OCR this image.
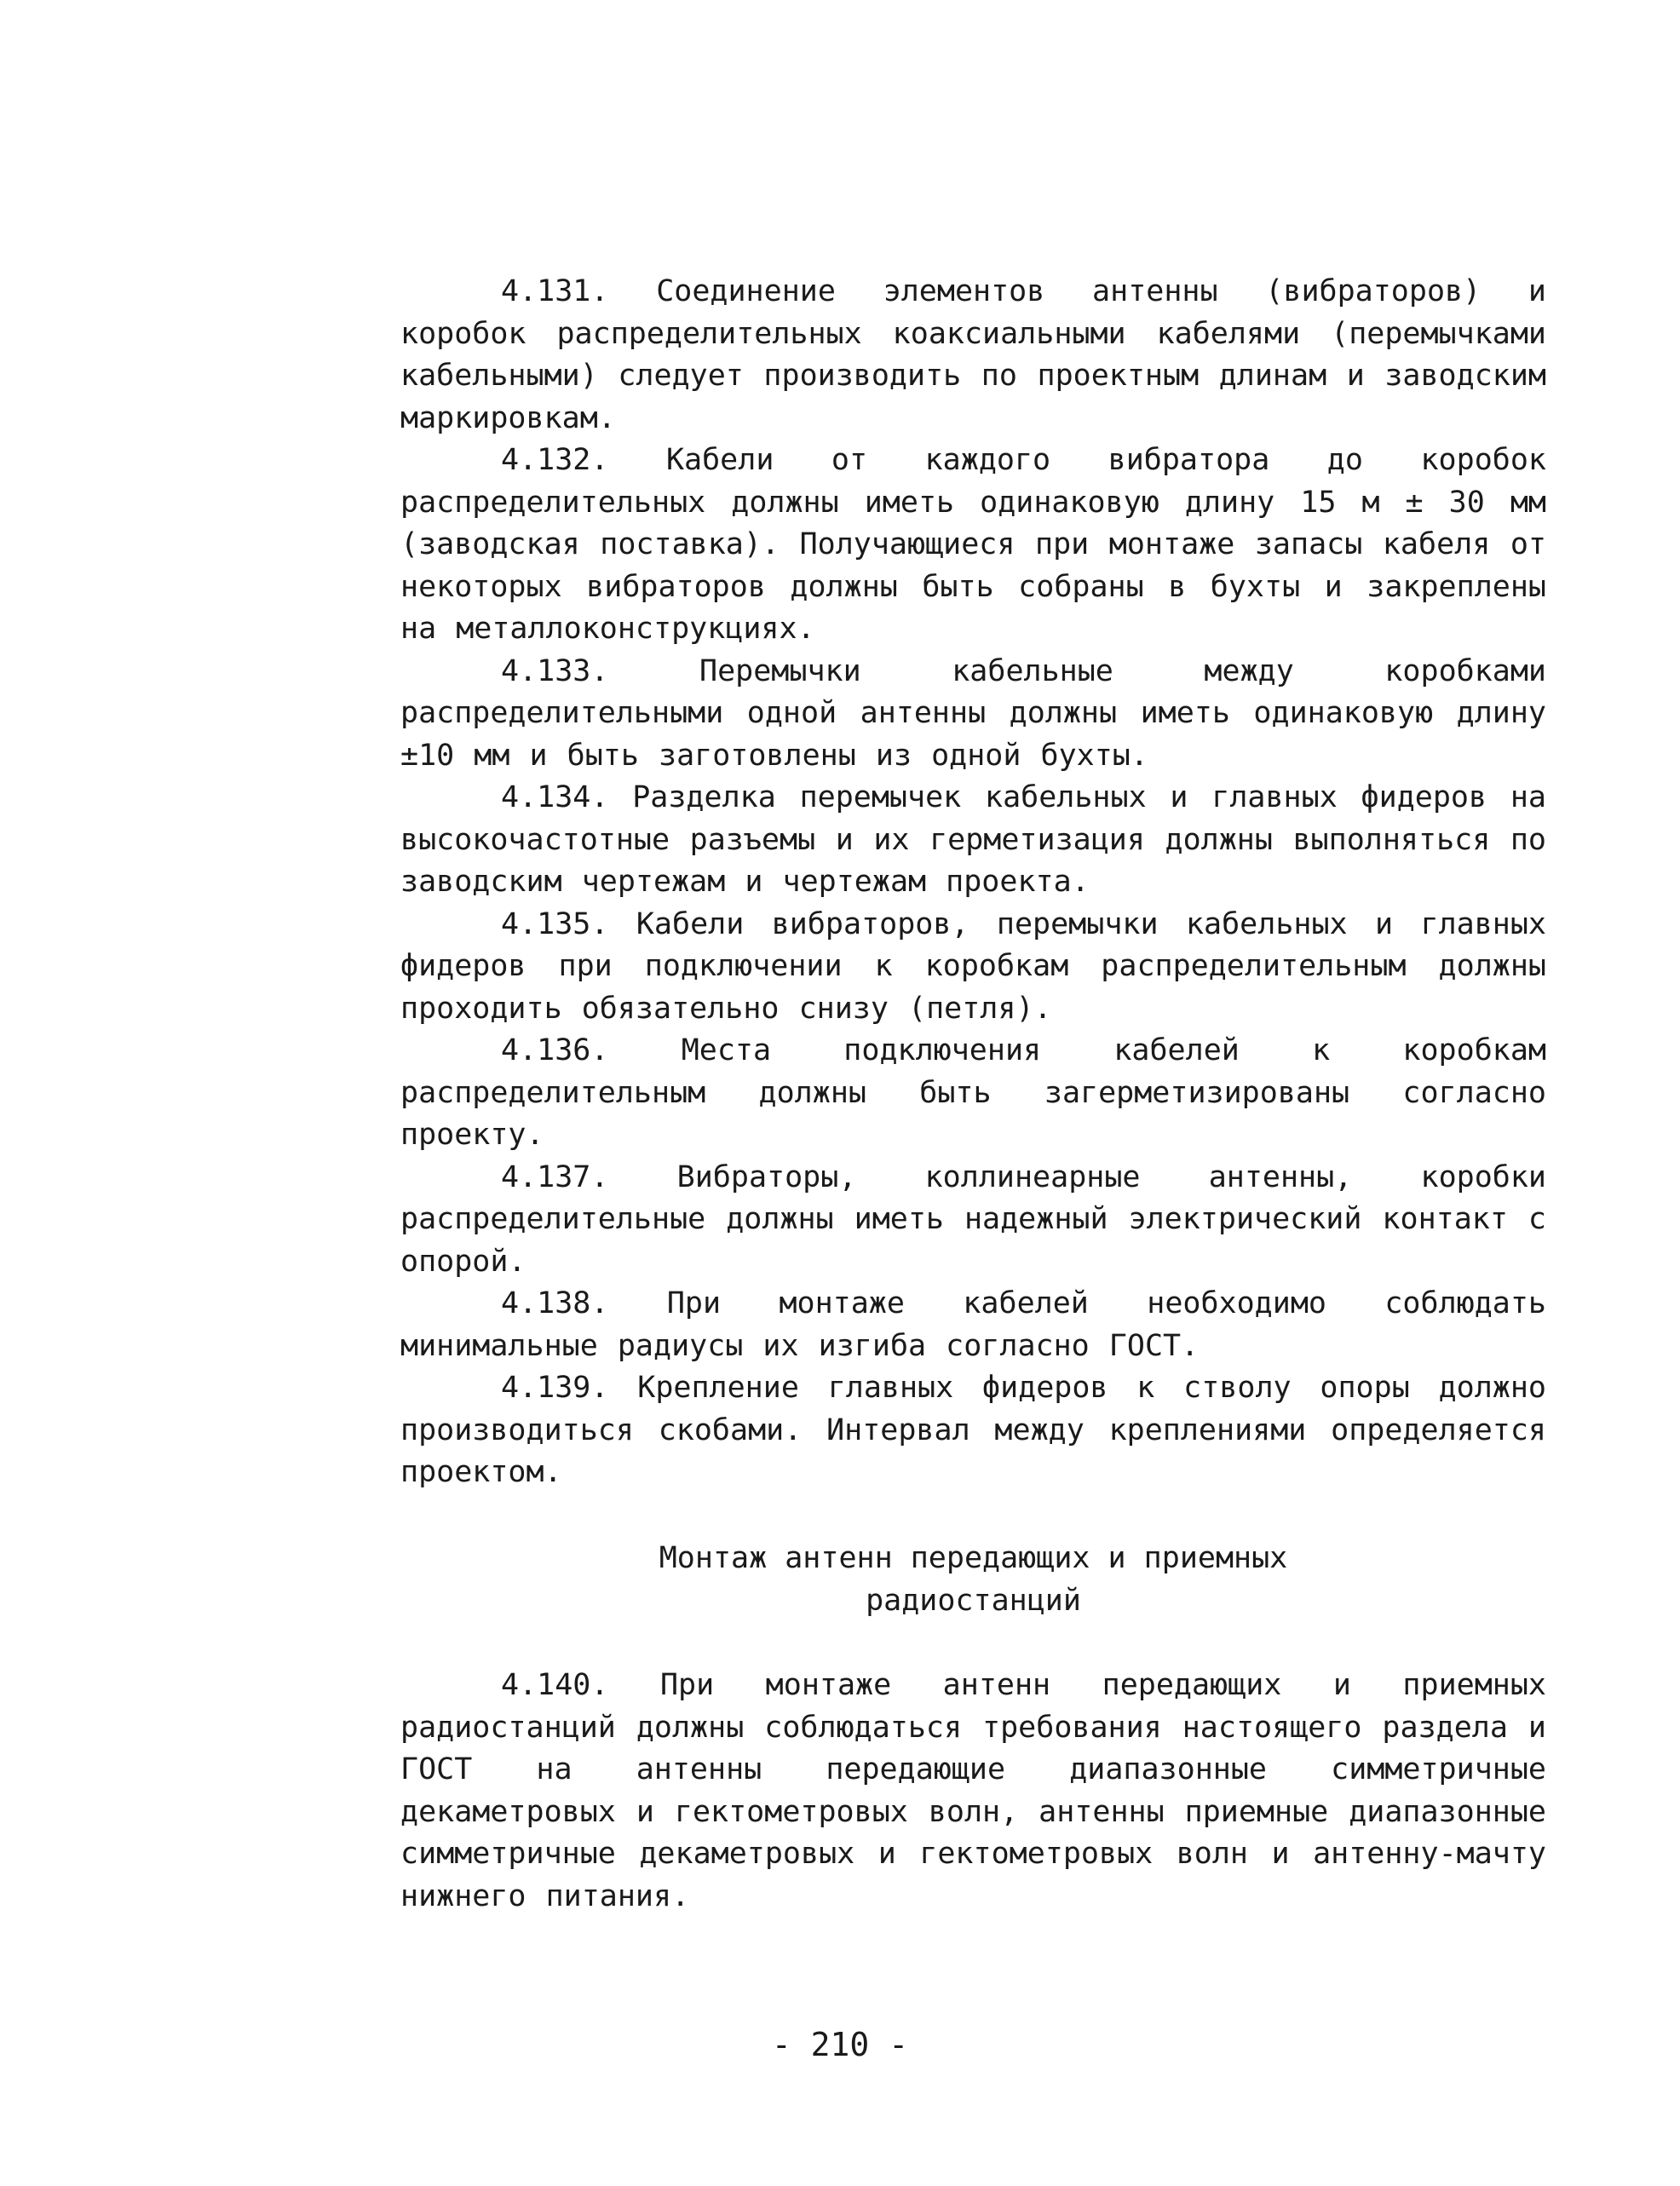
4.131. Соединение элементов антенны (вибраторов) и коробок распределительных коаксиальными кабелями (перемычками кабельными) следует производить по проектным длинам и заводским маркировкам.

4.132. Кабели от каждого вибратора до коробок распределительных должны иметь одинаковую длину 15 м ± 30 мм (заводская поставка). Получающиеся при монтаже запасы кабеля от некоторых вибраторов должны быть собраны в бухты и закреплены на металлоконструкциях.

4.133.	Перемычки кабельные между коробками распределительными одной антенны должны иметь одинаковую длину ±10 мм и быть заготовлены из одной бухты.

4.134. Разделка перемычек кабельных и главных фидеров на высокочастотные разъемы и их герметизация должны выполняться по заводским чертежам и чертежам проекта.

4.135. Кабели вибраторов, перемычки кабельных и главных фидеров при подключении к коробкам распределительным должны проходить обязательно снизу (петля).

4.136. Места подключения кабелей к коробкам распределительным должны быть загерметизированы согласно проекту.

4.137. Вибраторы, коллинеарные антенны, коробки распределительные должны иметь надежный электрический контакт с опорой.

4.138. При монтаже кабелей необходимо соблюдать минимальные радиусы их изгиба согласно ГОСТ.

4.139. Крепление главных фидеров к стволу опоры должно производиться скобами. Интервал между креплениями определяется проектом.

Монтаж антенн передающих и приемных
радиостанций

4.140. При монтаже антенн передающих и приемных радиостанций должны соблюдаться требования настоящего раздела и ГОСТ на антенны передающие диапазонные симметричные декаметровых и гектометровых волн, антенны приемные диапазонные симметричные декаметровых и гектометровых волн и антенну-мачту нижнего питания.

- 210 -
